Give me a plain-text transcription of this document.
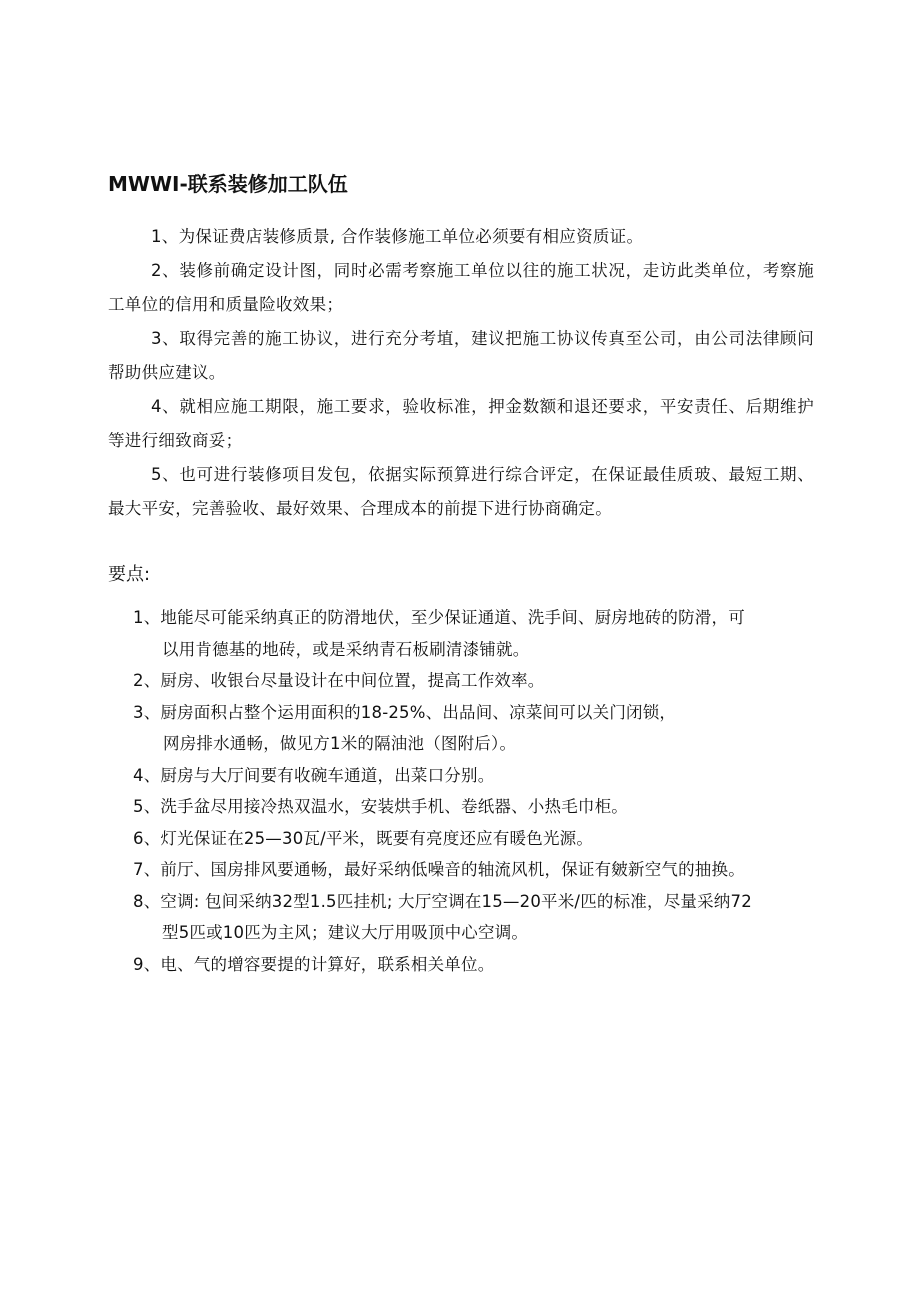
MWWI-联系装修加工队伍

1、为保证费店装修质景, 合作装修施工单位必须要有相应资质证。

2、装修前确定设计图，同时必需考察施工单位以往的施工状况，走访此类单位，考察施工单位的信用和质量险收效果；

3、取得完善的施工协议，进行充分考埴，建议把施工协议传真至公司，由公司法律顾问帮助供应建议。

4、就相应施工期限，施工要求，验收标准，押金数额和退还要求，平安责任、后期维护等进行细致商妥；

5、也可进行装修项目发包，依据实际预算进行综合评定，在保证最佳质玻、最短工期、最大平安，完善验收、最好效果、合理成本的前提下进行协商确定。

要点:
1、地能尽可能采纳真正的防滑地伏，至少保证通道、洗手间、厨房地砖的防滑，可
以用肯德基的地砖，或是采纳青石板刷清漆铺就。
2、厨房、收银台尽量设计在中间位置，提高工作效率。
3、厨房面积占整个运用面积的18-25%、出品间、凉菜间可以关门闭锁，
网房排水通畅，做见方1米的隔油池（图附后）。
4、厨房与大厅间要有收碗车通道，出菜口分别。
5、洗手盆尽用接冷热双温水，安装烘手机、卷纸器、小热毛巾柜。
6、灯光保证在25—30瓦/平米，既要有亮度还应有暖色光源。
7、前厅、国房排风要通畅，最好采纳低噪音的轴流风机，保证有皴新空气的抽换。
8、空调: 包间采纳32型1.5匹挂机; 大厅空调在15—20平米/匹的标准，尽量采纳72
型5匹或10匹为主风；建议大厅用吸顶中心空调。
9、电、气的增容要提的计算好，联系相关单位。
